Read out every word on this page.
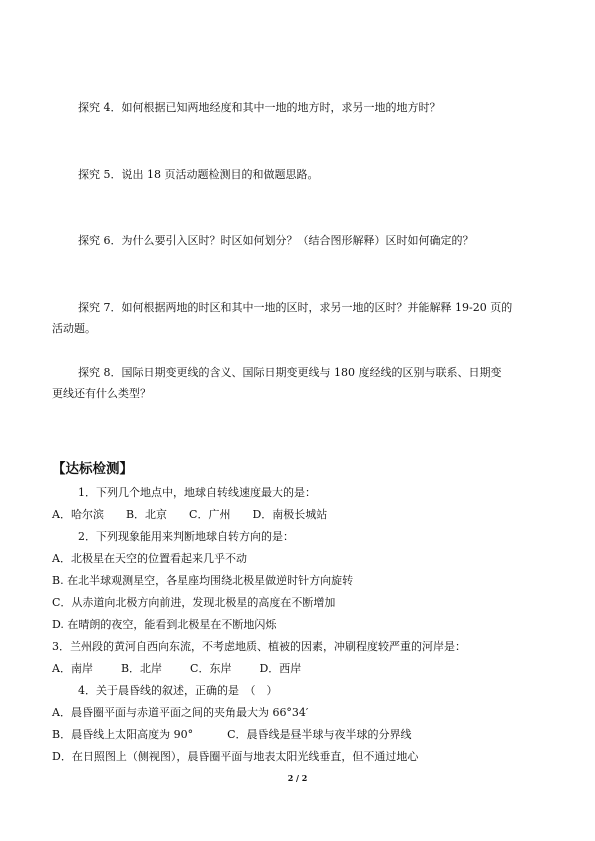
探究 4．如何根据已知两地经度和其中一地的地方时，求另一地的地方时？
探究 5．说出 18 页活动题检测目的和做题思路。
探究 6．为什么要引入区时？时区如何划分？（结合图形解释）区时如何确定的？
探究 7．如何根据两地的时区和其中一地的区时，求另一地的区时？并能解释 19-20 页的
活动题。
探究 8．国际日期变更线的含义、国际日期变更线与 180 度经线的区别与联系、日期变
更线还有什么类型？
【达标检测】
1．下列几个地点中，地球自转线速度最大的是：
A．哈尔滨 B．北京 C．广州 D．南极长城站
2．下列现象能用来判断地球自转方向的是：
A．北极星在天空的位置看起来几乎不动
B. 在北半球观测星空，各星座均围绕北极星做逆时针方向旋转
C．从赤道向北极方向前进，发现北极星的高度在不断增加
D. 在晴朗的夜空，能看到北极星在不断地闪烁
3．兰州段的黄河自西向东流，不考虑地质、植被的因素，冲刷程度较严重的河岸是：
A．南岸	B．北岸	C．东岸	D．西岸
4．关于晨昏线的叙述，正确的是　（　）
A．晨昏圈平面与赤道平面之间的夹角最大为 66°34′
B．晨昏线上太阳高度为 90°	C．晨昏线是昼半球与夜半球的分界线
D．在日照图上（侧视图），晨昏圈平面与地表太阳光线垂直，但不通过地心
2 / 2
